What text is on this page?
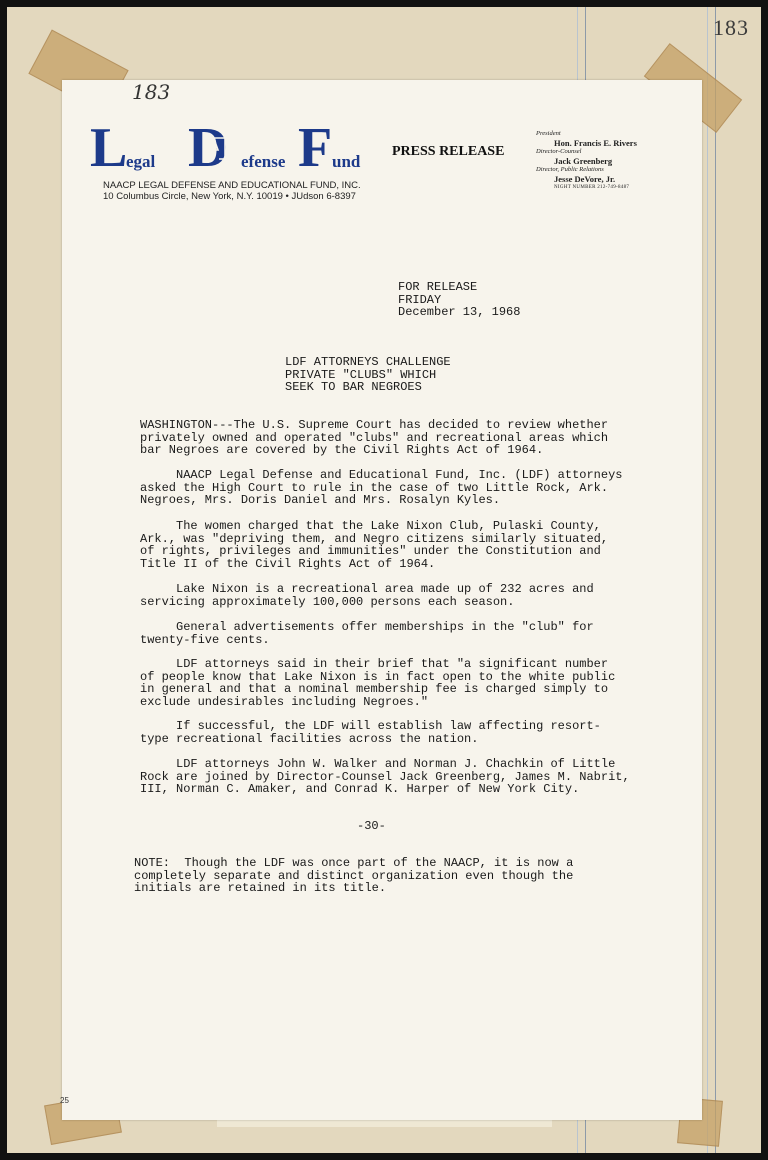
183
183
L
egal D efense F und
NAACP LEGAL DEFENSE AND EDUCATIONAL FUND, INC.
10 Columbus Circle, New York, N.Y. 10019 • JUdson 6-8397
PRESS RELEASE
President
Hon. Francis E. Rivers
Director-Counsel
Jack Greenberg
Director, Public Relations
Jesse DeVore, Jr.
NIGHT NUMBER 212-749-8487
FOR RELEASE
FRIDAY
December 13, 1968
LDF ATTORNEYS CHALLENGE
PRIVATE "CLUBS" WHICH
SEEK TO BAR NEGROES
WASHINGTON---The U.S. Supreme Court has decided to review whether
privately owned and operated "clubs" and recreational areas which
bar Negroes are covered by the Civil Rights Act of 1964.
NAACP Legal Defense and Educational Fund, Inc. (LDF) attorneys
asked the High Court to rule in the case of two Little Rock, Ark.
Negroes, Mrs. Doris Daniel and Mrs. Rosalyn Kyles.
The women charged that the Lake Nixon Club, Pulaski County,
Ark., was "depriving them, and Negro citizens similarly situated,
of rights, privileges and immunities" under the Constitution and
Title II of the Civil Rights Act of 1964.
Lake Nixon is a recreational area made up of 232 acres and
servicing approximately 100,000 persons each season.
General advertisements offer memberships in the "club" for
twenty-five cents.
LDF attorneys said in their brief that "a significant number
of people know that Lake Nixon is in fact open to the white public
in general and that a nominal membership fee is charged simply to
exclude undesirables including Negroes."
If successful, the LDF will establish law affecting resort-
type recreational facilities across the nation.
LDF attorneys John W. Walker and Norman J. Chachkin of Little
Rock are joined by Director-Counsel Jack Greenberg, James M. Nabrit,
III, Norman C. Amaker, and Conrad K. Harper of New York City.
-30-
NOTE:  Though the LDF was once part of the NAACP, it is now a
completely separate and distinct organization even though the
initials are retained in its title.
25
